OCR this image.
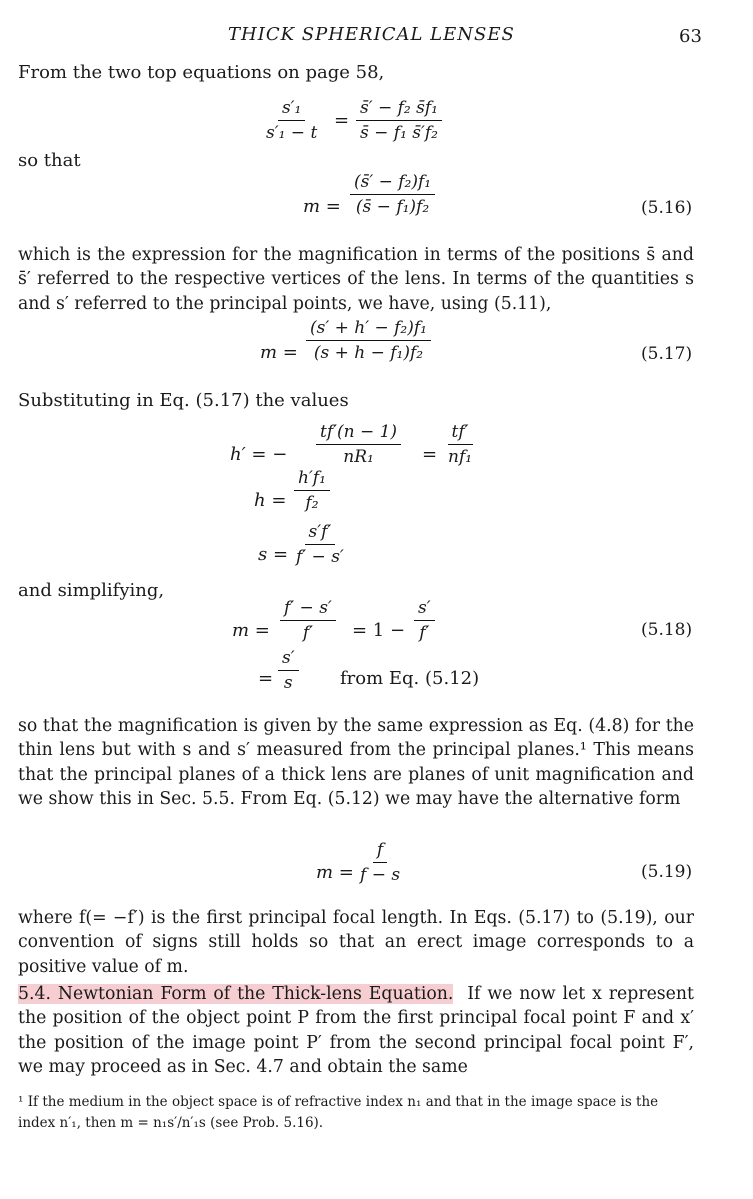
THICK SPHERICAL LENSES	63
From the two top equations on page 58,
$\frac{\text{s′₁}}{\text{s′₁ − t}} = \frac{\text{s̄′ − f₂ s̄f₁}}{\text{s̄ − f₁ s̄′f₂}}$
so that
$m = \frac{\text{(s̄′ − f₂)f₁}}{\text{(s̄ − f₁)f₂}}$	(5.16)
which is the expression for the magnification in terms of the positions s̄ and s̄′ referred to the respective vertices of the lens. In terms of the quantities s and s′ referred to the principal points, we have, using (5.11),
$m = \frac{\text{(s′ + h′ − f₂)f₁}}{\text{(s + h − f₁)f₂}}$	(5.17)
Substituting in Eq. (5.17) the values
h′ = − $\frac{tf'(n - 1)}{\text{nR₁}} = \frac{tf'}{\text{nf₁}}$
$h = \frac{\text{h′f₁}}{\text{f₂}}$
$s = \frac{s'f'}{f' - s'}$
and simplifying,
$m = \frac{f' - s'}{f'} = 1 - \frac{s'}{f'}$	(5.18)
= $\frac{s'}{s}$ from Eq. (5.12)
so that the magnification is given by the same expression as Eq. (4.8) for the thin lens but with s and s′ measured from the principal planes.¹ This means that the principal planes of a thick lens are planes of unit magnification and we show this in Sec. 5.5. From Eq. (5.12) we may have the alternative form
$m = \frac{f}{f - s}$	(5.19)
where f(= −f′) is the first principal focal length. In Eqs. (5.17) to (5.19), our convention of signs still holds so that an erect image corresponds to a positive value of m.
5.4. Newtonian Form of the Thick-lens Equation. If we now let x represent the position of the object point P from the first principal focal point F and x′ the position of the image point P′ from the second principal focal point F′, we may proceed as in Sec. 4.7 and obtain the same
¹ If the medium in the object space is of refractive index n₁ and that in the image space is the index n′₁, then m = n₁s′/n′₁s (see Prob. 5.16).
